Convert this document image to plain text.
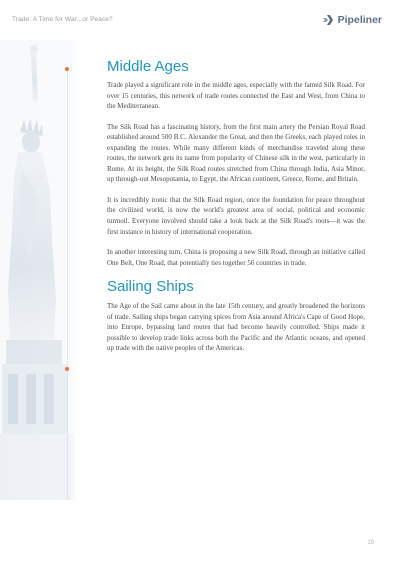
Trade: A Time for War...or Peace?	Pipeliner
Middle Ages

Trade played a significant role in the middle ages, especially with the famed Silk Road. For over 15 centuries, this network of trade routes connected the East and West, from China to the Mediterranean.

The Silk Road has a fascinating history, from the first main artery the Persian Royal Road established around 500 B.C. Alexander the Great, and then the Greeks, each played roles in expanding the routes. While many different kinds of merchandise traveled along these routes, the network gets its name from popularity of Chinese silk in the west, particularly in Rome. At its height, the Silk Road routes stretched from China through India, Asia Minor, up through-out Mesopotamia, to Egypt, the African continent, Greece, Rome, and Britain.

It is incredibly ironic that the Silk Road region, once the foundation for peace throughout the civilized world, is now the world's greatest area of social, political and economic turmoil. Everyone involved should take a look back at the Silk Road's roots—it was the first instance in history of international cooperation.

In another interesting turn, China is proposing a new Silk Road, through an initiative called One Belt, One Road, that potentially ties together 56 countries in trade.

Sailing Ships

The Age of the Sail came about in the late 15th century, and greatly broadened the horizons of trade. Sailing ships began carrying spices from Asia around Africa's Cape of Good Hope, into Europe, bypassing land routes that had become heavily controlled. Ships made it possible to develop trade links across both the Pacific and the Atlantic oceans, and opened up trade with the native peoples of the Americas.

19
